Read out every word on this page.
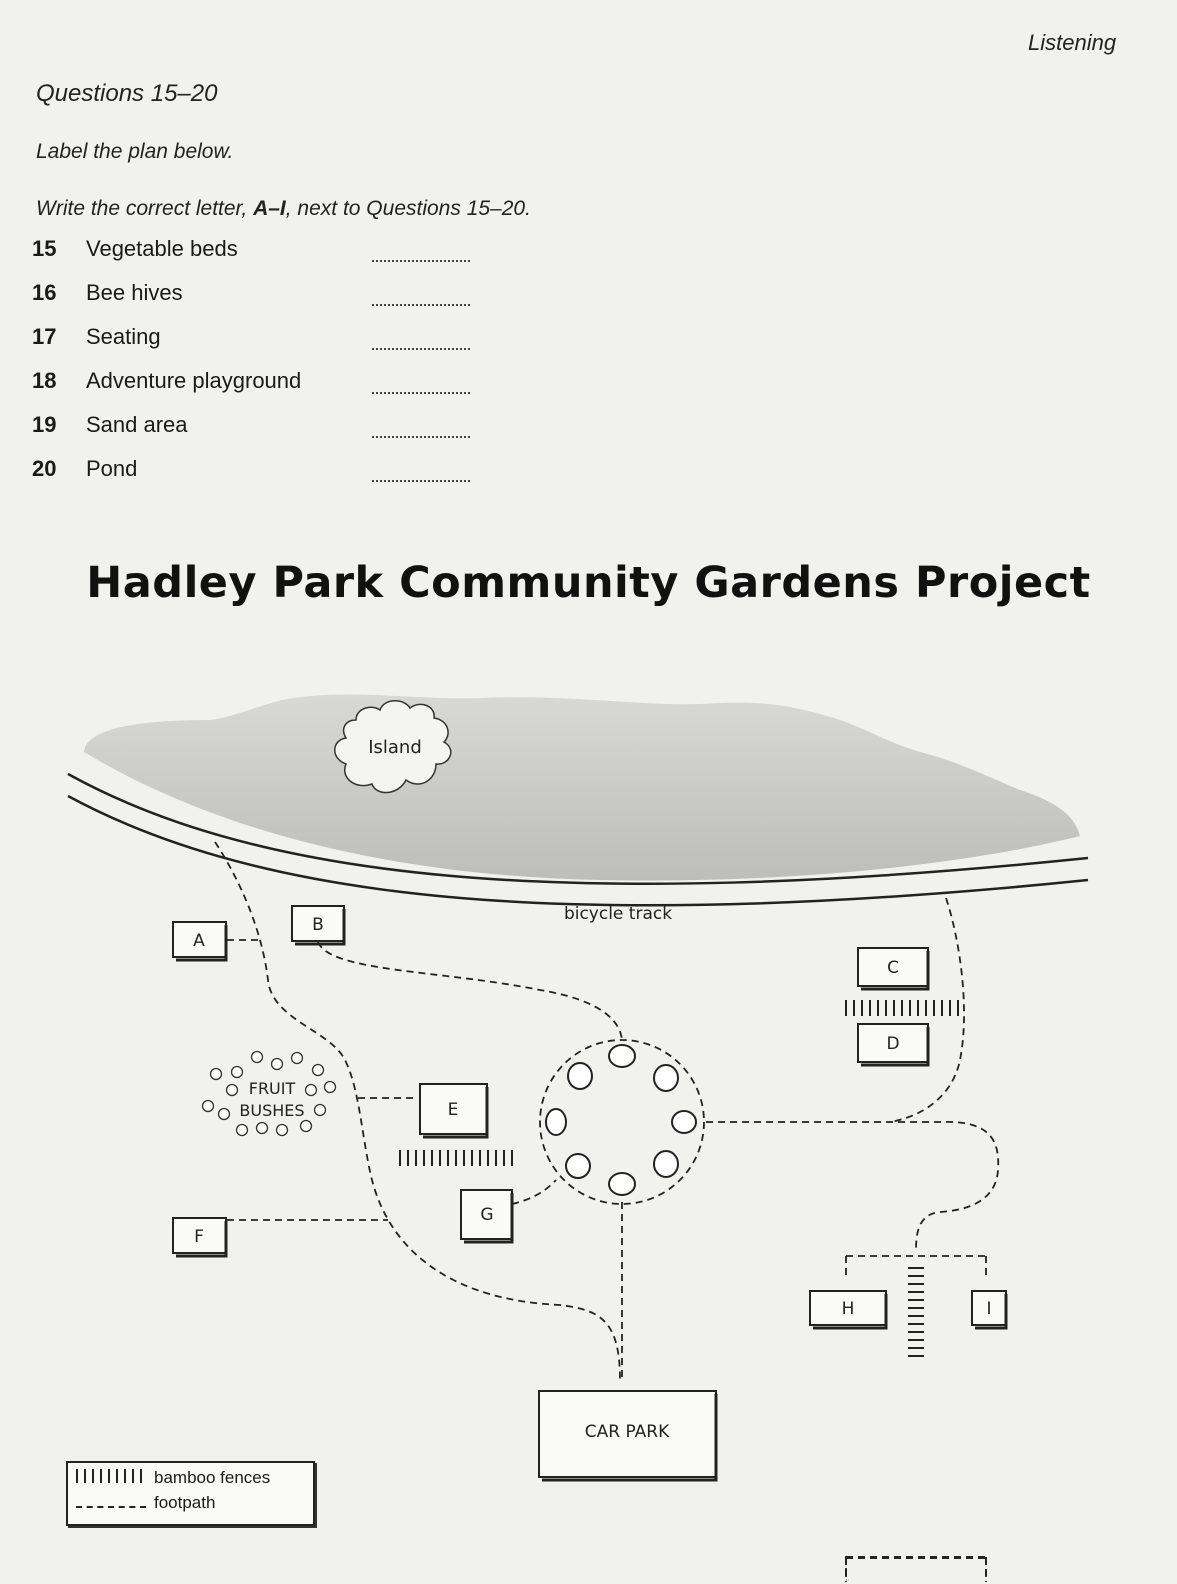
Listening
Questions 15–20
Label the plan below.
Write the correct letter, A–I, next to Questions 15–20.
15	Vegetable beds
16	Bee hives
17	Seating
18	Adventure playground
19	Sand area
20	Pond
Hadley Park Community Gardens Project
Island
bicycle track
FRUIT
BUSHES
A
B
C
D
E
F
G
H	I
CAR PARK
bamboo fences
footpath
